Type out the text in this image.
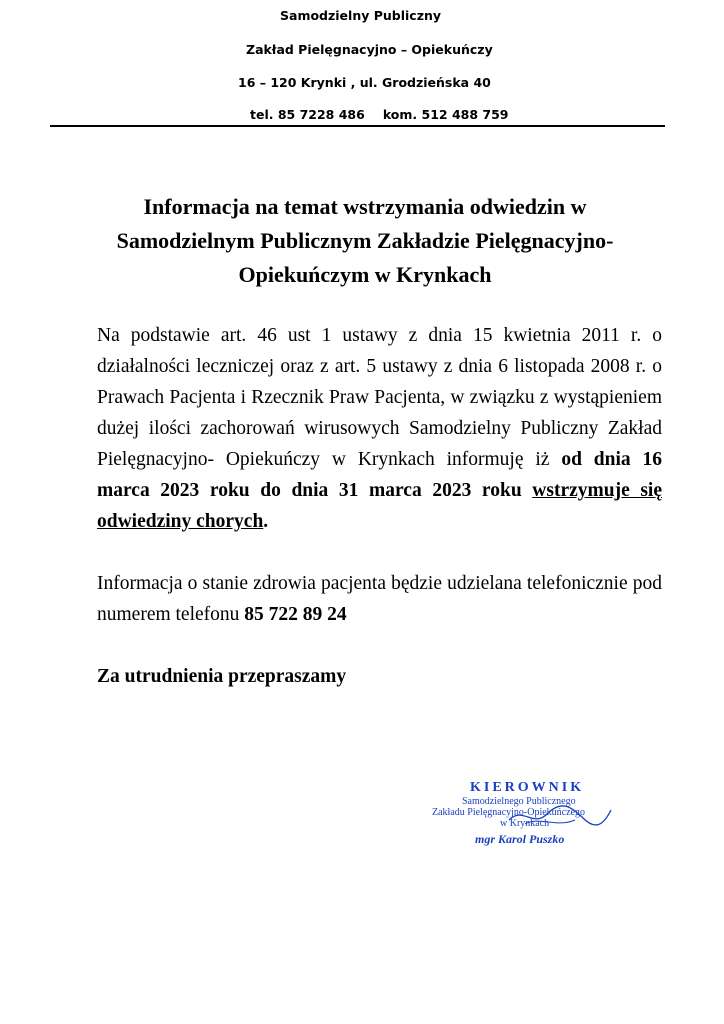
Samodzielny Publiczny
Zakład Pielęgnacyjno – Opiekuńczy
16 – 120 Krynki , ul. Grodzieńska 40
tel. 85 7228 486 kom. 512 488 759
Informacja na temat wstrzymania odwiedzin w
Samodzielnym Publicznym Zakładzie Pielęgnacyjno-
Opiekuńczym w Krynkach

Na podstawie art. 46 ust 1 ustawy z dnia 15 kwietnia 2011 r. o działalności leczniczej oraz z art. 5 ustawy z dnia 6 listopada 2008 r. o Prawach Pacjenta i Rzecznik Praw Pacjenta, w związku z wystąpieniem dużej ilości zachorowań wirusowych Samodzielny Publiczny Zakład Pielęgnacyjno- Opiekuńczy w Krynkach informuję iż od dnia 16 marca 2023 roku do dnia 31 marca 2023 roku wstrzymuje się odwiedziny chorych.

Informacja o stanie zdrowia pacjenta będzie udzielana telefonicznie pod numerem telefonu 85 722 89 24

Za utrudnienia przepraszamy

KIEROWNIK
Samodzielnego Publicznego
Zakładu Pielęgnacyjno-Opiekuńczego
w Krynkach
mgr Karol Puszko
